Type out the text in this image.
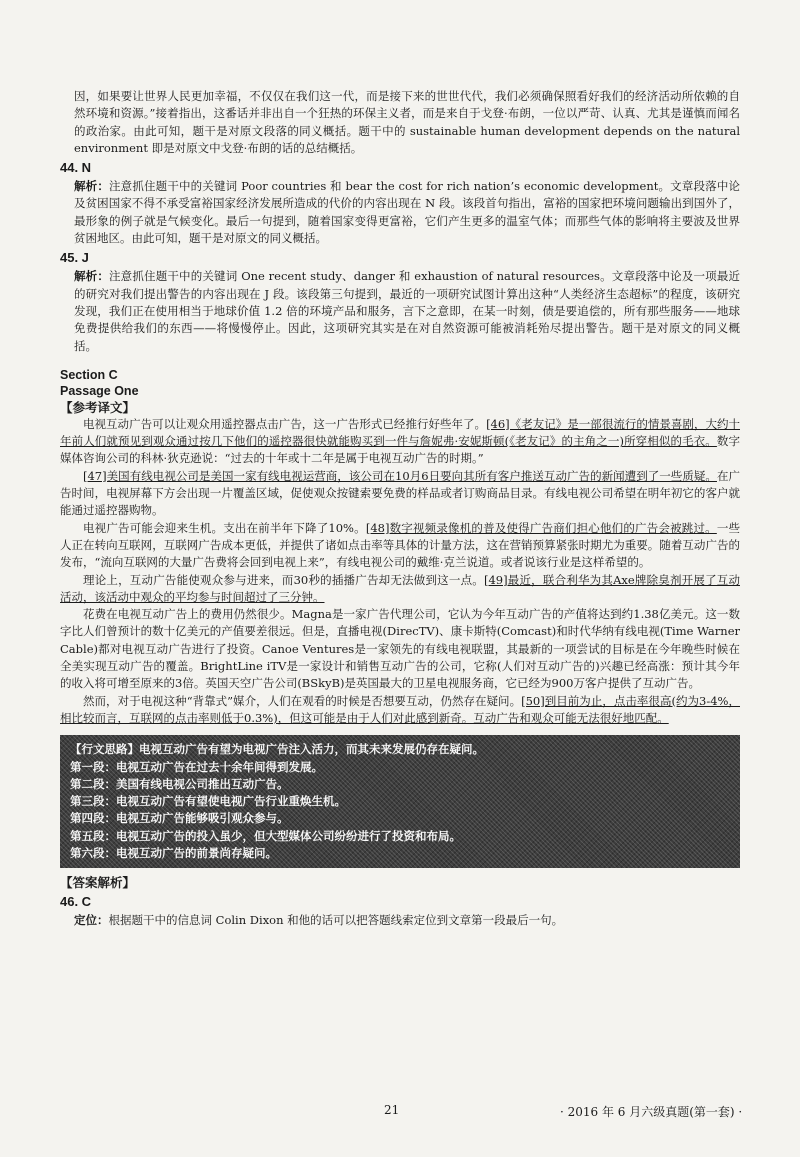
因，如果要让世界人民更加幸福，不仅仅在我们这一代，而是接下来的世世代代，我们必须确保照看好我们的经济活动所依赖的自然环境和资源。”接着指出，这番话并非出自一个狂热的环保主义者，而是来自于戈登·布朗，一位以严苛、认真、尤其是谨慎而闻名的政治家。由此可知，题干是对原文段落的同义概括。题干中的 sustainable human development depends on the natural environment 即是对原文中戈登·布朗的话的总结概括。

44. N

解析：注意抓住题干中的关键词 Poor countries 和 bear the cost for rich nation’s economic development。文章段落中论及贫困国家不得不承受富裕国家经济发展所造成的代价的内容出现在 N 段。该段首句指出，富裕的国家把环境问题输出到国外了，最形象的例子就是气候变化。最后一句提到，随着国家变得更富裕，它们产生更多的温室气体；而那些气体的影响将主要波及世界贫困地区。由此可知，题干是对原文的同义概括。

45. J

解析：注意抓住题干中的关键词 One recent study、danger 和 exhaustion of natural resources。文章段落中论及一项最近的研究对我们提出警告的内容出现在 J 段。该段第三句提到，最近的一项研究试图计算出这种“人类经济生态超标”的程度，该研究发现，我们正在使用相当于地球价值 1.2 倍的环境产品和服务，言下之意即，在某一时刻，债是要追偿的，所有那些服务——地球免费提供给我们的东西——将慢慢停止。因此，这项研究其实是在对自然资源可能被消耗殆尽提出警告。题干是对原文的同义概括。

Section C
Passage One
【参考译文】

电视互动广告可以让观众用遥控器点击广告，这一广告形式已经推行好些年了。[46]《老友记》是一部很流行的情景喜剧，大约十年前人们就预见到观众通过按几下他们的遥控器很快就能购买到一件与詹妮弗·安妮斯顿(《老友记》的主角之一)所穿相似的毛衣。数字媒体咨询公司的科林·狄克逊说：“过去的十年或十二年是属于电视互动广告的时期。”

[47]美国有线电视公司是美国一家有线电视运营商，该公司在10月6日要向其所有客户推送互动广告的新闻遭到了一些质疑。在广告时间，电视屏幕下方会出现一片覆盖区域，促使观众按键索要免费的样品或者订购商品目录。有线电视公司希望在明年初它的客户就能通过遥控器购物。

电视广告可能会迎来生机。支出在前半年下降了10%。[48]数字视频录像机的普及使得广告商们担心他们的广告会被跳过。一些人正在转向互联网，互联网广告成本更低，并提供了诸如点击率等具体的计量方法，这在营销预算紧张时期尤为重要。随着互动广告的发布，“流向互联网的大量广告费将会回到电视上来”，有线电视公司的戴维·克兰说道。或者说该行业是这样希望的。

理论上，互动广告能使观众参与进来，而30秒的插播广告却无法做到这一点。[49]最近，联合利华为其Axe牌除臭剂开展了互动活动，该活动中观众的平均参与时间超过了三分钟。

花费在电视互动广告上的费用仍然很少。Magna是一家广告代理公司，它认为今年互动广告的产值将达到约1.38亿美元。这一数字比人们曾预计的数十亿美元的产值要差很远。但是，直播电视(DirecTV)、康卡斯特(Comcast)和时代华纳有线电视(Time Warner Cable)都对电视互动广告进行了投资。Canoe Ventures是一家领先的有线电视联盟，其最新的一项尝试的目标是在今年晚些时候在全美实现互动广告的覆盖。BrightLine iTV是一家设计和销售互动广告的公司，它称(人们对互动广告的)兴趣已经高涨：预计其今年的收入将可增至原来的3倍。英国天空广告公司(BSkyB)是英国最大的卫星电视服务商，它已经为900万客户提供了互动广告。

然而，对于电视这种“背靠式”媒介，人们在观看的时候是否想要互动，仍然存在疑问。[50]到目前为止，点击率很高(约为3-4%，相比较而言，互联网的点击率则低于0.3%)，但这可能是由于人们对此感到新奇。互动广告和观众可能无法很好地匹配。

【行文思路】电视互动广告有望为电视广告注入活力，而其未来发展仍存在疑问。

第一段：电视互动广告在过去十余年间得到发展。

第二段：美国有线电视公司推出互动广告。

第三段：电视互动广告有望使电视广告行业重焕生机。

第四段：电视互动广告能够吸引观众参与。

第五段：电视互动广告的投入虽少，但大型媒体公司纷纷进行了投资和布局。

第六段：电视互动广告的前景尚存疑问。

【答案解析】
46. C

定位：根据题干中的信息词 Colin Dixon 和他的话可以把答题线索定位到文章第一段最后一句。

21	· 2016 年 6 月六级真题(第一套) ·
